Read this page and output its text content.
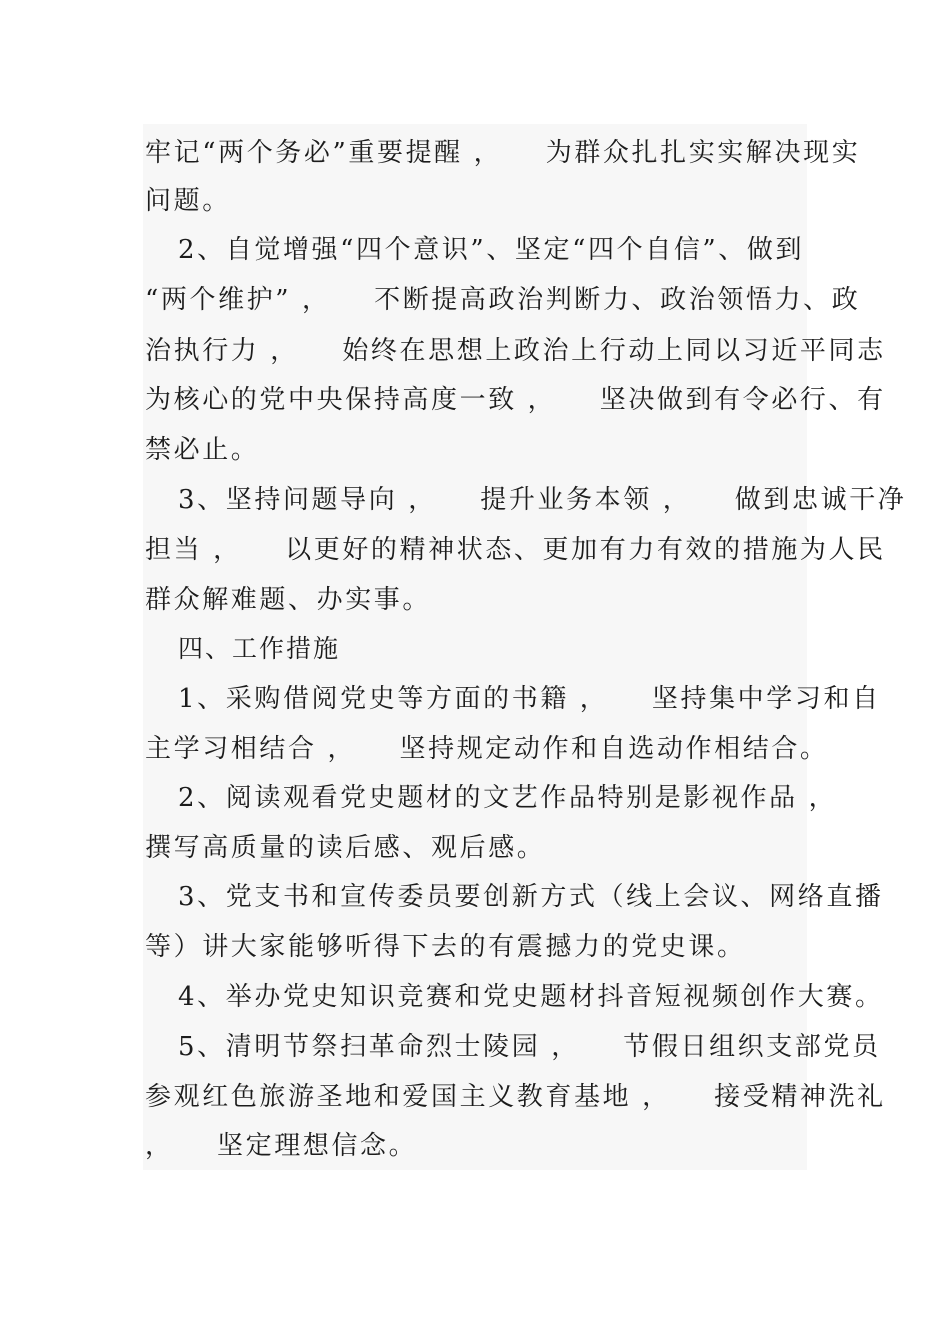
牢记“两个务必”重要提醒 ，    为群众扎扎实实解决现实
问题。
2、自觉增强“四个意识”、坚定“四个自信”、做到
“两个维护” ，    不断提高政治判断力、政治领悟力、政
治执行力 ，    始终在思想上政治上行动上同以习近平同志
为核心的党中央保持高度一致 ，    坚决做到有令必行、有
禁必止。
3、坚持问题导向 ，    提升业务本领 ，    做到忠诚干净
担当 ，    以更好的精神状态、更加有力有效的措施为人民
群众解难题、办实事。
四、工作措施
1、采购借阅党史等方面的书籍 ，    坚持集中学习和自
主学习相结合 ，    坚持规定动作和自选动作相结合。
2、阅读观看党史题材的文艺作品特别是影视作品 ，
撰写高质量的读后感、观后感。
3、党支书和宣传委员要创新方式（线上会议、网络直播
等）讲大家能够听得下去的有震撼力的党史课。
4、举办党史知识竞赛和党史题材抖音短视频创作大赛。
5、清明节祭扫革命烈士陵园 ，    节假日组织支部党员
参观红色旅游圣地和爱国主义教育基地 ，    接受精神洗礼
，    坚定理想信念。
